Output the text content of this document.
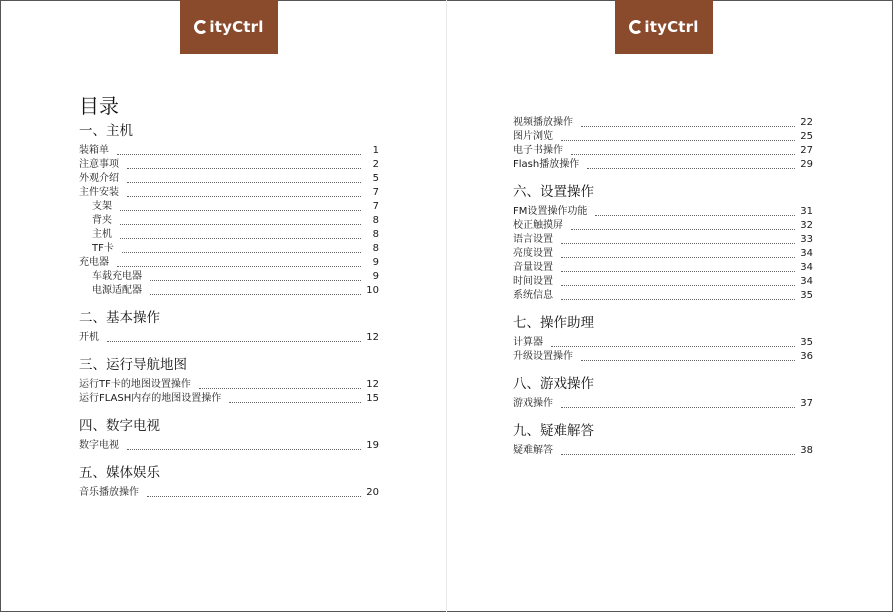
ityCtrl	ityCtrl
目录
一、主机
装箱单	1
注意事项	2
外观介绍	5
主件安装	7
支架	7
背夹	8
主机	8
TF卡	8
充电器	9
车载充电器	9
电源适配器	10
二、基本操作
开机	12
三、运行导航地图
运行TF卡的地图设置操作	12
运行FLASH内存的地图设置操作	15
四、数字电视
数字电视	19
五、媒体娱乐
音乐播放操作	20
视频播放操作	22
图片浏览	25
电子书操作	27
Flash播放操作	29
六、设置操作
FM设置操作功能	31
校正触摸屏	32
语言设置	33
亮度设置	34
音量设置	34
时间设置	34
系统信息	35
七、操作助理
计算器	35
升级设置操作	36
八、游戏操作
游戏操作	37
九、疑难解答
疑难解答	38
